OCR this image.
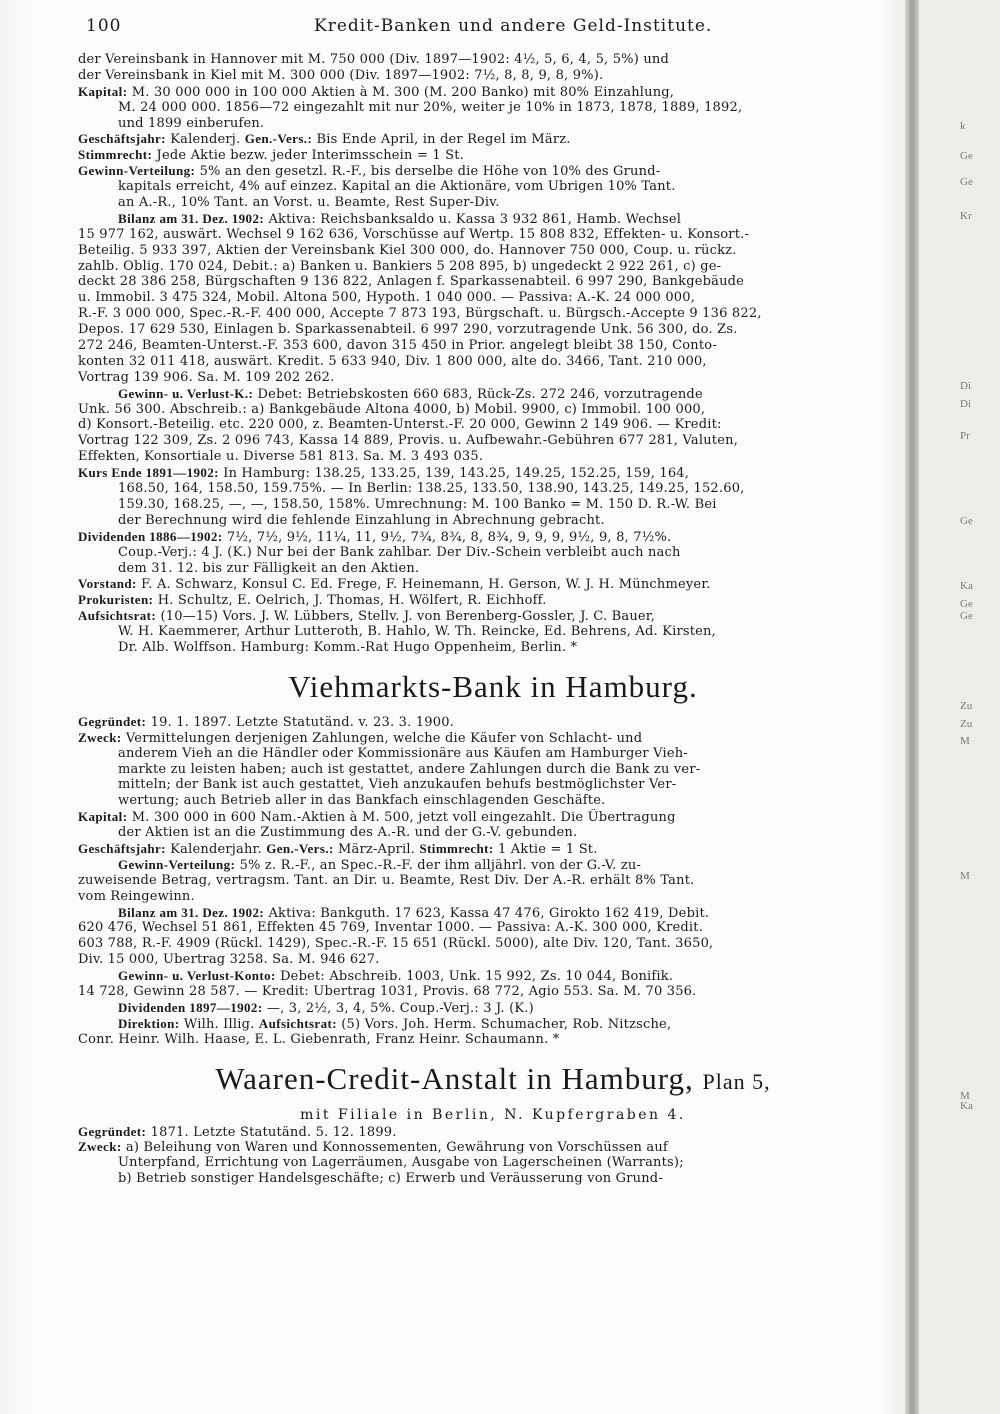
k
Ge
Ge
Kr
Di
Di
Pr
Ge
Ka
Ge
Ge
Zu
Zu
M
M
M
Ka
100	Kredit-Banken und andere Geld-Institute.
der Vereinsbank in Hannover mit M. 750 000 (Div. 1897—1902: 4½, 5, 6, 4, 5, 5%) und
der Vereinsbank in Kiel mit M. 300 000 (Div. 1897—1902: 7½, 8, 8, 9, 8, 9%).
Kapital: M. 30 000 000 in 100 000 Aktien à M. 300 (M. 200 Banko) mit 80% Einzahlung,
M. 24 000 000. 1856—72 eingezahlt mit nur 20%, weiter je 10% in 1873, 1878, 1889, 1892,
und 1899 einberufen.
Geschäftsjahr: Kalenderj. Gen.-Vers.: Bis Ende April, in der Regel im März.
Stimmrecht: Jede Aktie bezw. jeder Interimsschein = 1 St.
Gewinn-Verteilung: 5% an den gesetzl. R.-F., bis derselbe die Höhe von 10% des Grund-
kapitals erreicht, 4% auf einzez. Kapital an die Aktionäre, vom Übrigen 10% Tant.
an A.-R., 10% Tant. an Vorst. u. Beamte, Rest Super-Div.
Bilanz am 31. Dez. 1902: Aktiva: Reichsbanksaldo u. Kassa 3 932 861, Hamb. Wechsel
15 977 162, auswärt. Wechsel 9 162 636, Vorschüsse auf Wertp. 15 808 832, Effekten- u. Konsort.-
Beteilig. 5 933 397, Aktien der Vereinsbank Kiel 300 000, do. Hannover 750 000, Coup. u. rückz.
zahlb. Oblig. 170 024, Debit.: a) Banken u. Bankiers 5 208 895, b) ungedeckt 2 922 261, c) ge-
deckt 28 386 258, Bürgschaften 9 136 822, Anlagen f. Sparkassenabteil. 6 997 290, Bankgebäude
u. Immobil. 3 475 324, Mobil. Altona 500, Hypoth. 1 040 000. — Passiva: A.-K. 24 000 000,
R.-F. 3 000 000, Spec.-R.-F. 400 000, Accepte 7 873 193, Bürgschaft. u. Bürgsch.-Accepte 9 136 822,
Depos. 17 629 530, Einlagen b. Sparkassenabteil. 6 997 290, vorzutragende Unk. 56 300, do. Zs.
272 246, Beamten-Unterst.-F. 353 600, davon 315 450 in Prior. angelegt bleibt 38 150, Conto-
konten 32 011 418, auswärt. Kredit. 5 633 940, Div. 1 800 000, alte do. 3466, Tant. 210 000,
Vortrag 139 906. Sa. M. 109 202 262.
Gewinn- u. Verlust-K.: Debet: Betriebskosten 660 683, Rück-Zs. 272 246, vorzutragende
Unk. 56 300. Abschreib.: a) Bankgebäude Altona 4000, b) Mobil. 9900, c) Immobil. 100 000,
d) Konsort.-Beteilig. etc. 220 000, z. Beamten-Unterst.-F. 20 000, Gewinn 2 149 906. — Kredit:
Vortrag 122 309, Zs. 2 096 743, Kassa 14 889, Provis. u. Aufbewahr.-Gebühren 677 281, Valuten,
Effekten, Konsortiale u. Diverse 581 813. Sa. M. 3 493 035.
Kurs Ende 1891—1902: In Hamburg: 138.25, 133.25, 139, 143.25, 149.25, 152.25, 159, 164,
168.50, 164, 158.50, 159.75%. — In Berlin: 138.25, 133.50, 138.90, 143.25, 149.25, 152.60,
159.30, 168.25, —, —, 158.50, 158%. Umrechnung: M. 100 Banko = M. 150 D. R.-W. Bei
der Berechnung wird die fehlende Einzahlung in Abrechnung gebracht.
Dividenden 1886—1902: 7½, 7½, 9½, 11¼, 11, 9½, 7¾, 8¾, 8, 8¾, 9, 9, 9, 9½, 9, 8, 7½%.
Coup.-Verj.: 4 J. (K.) Nur bei der Bank zahlbar. Der Div.-Schein verbleibt auch nach
dem 31. 12. bis zur Fälligkeit an den Aktien.
Vorstand: F. A. Schwarz, Konsul C. Ed. Frege, F. Heinemann, H. Gerson, W. J. H. Münchmeyer.
Prokuristen: H. Schultz, E. Oelrich, J. Thomas, H. Wölfert, R. Eichhoff.
Aufsichtsrat: (10—15) Vors. J. W. Lübbers, Stellv. J. von Berenberg-Gossler, J. C. Bauer,
W. H. Kaemmerer, Arthur Lutteroth, B. Hahlo, W. Th. Reincke, Ed. Behrens, Ad. Kirsten,
Dr. Alb. Wolffson. Hamburg: Komm.-Rat Hugo Oppenheim, Berlin. *
Viehmarkts-Bank in Hamburg.
Gegründet: 19. 1. 1897. Letzte Statutänd. v. 23. 3. 1900.
Zweck: Vermittelungen derjenigen Zahlungen, welche die Käufer von Schlacht- und
anderem Vieh an die Händler oder Kommissionäre aus Käufen am Hamburger Vieh-
markte zu leisten haben; auch ist gestattet, andere Zahlungen durch die Bank zu ver-
mitteln; der Bank ist auch gestattet, Vieh anzukaufen behufs bestmöglichster Ver-
wertung; auch Betrieb aller in das Bankfach einschlagenden Geschäfte.
Kapital: M. 300 000 in 600 Nam.-Aktien à M. 500, jetzt voll eingezahlt. Die Übertragung
der Aktien ist an die Zustimmung des A.-R. und der G.-V. gebunden.
Geschäftsjahr: Kalenderjahr. Gen.-Vers.: März-April. Stimmrecht: 1 Aktie = 1 St.
Gewinn-Verteilung: 5% z. R.-F., an Spec.-R.-F. der ihm alljährl. von der G.-V. zu-
zuweisende Betrag, vertragsm. Tant. an Dir. u. Beamte, Rest Div. Der A.-R. erhält 8% Tant.
vom Reingewinn.
Bilanz am 31. Dez. 1902: Aktiva: Bankguth. 17 623, Kassa 47 476, Girokto 162 419, Debit.
620 476, Wechsel 51 861, Effekten 45 769, Inventar 1000. — Passiva: A.-K. 300 000, Kredit.
603 788, R.-F. 4909 (Rückl. 1429), Spec.-R.-F. 15 651 (Rückl. 5000), alte Div. 120, Tant. 3650,
Div. 15 000, Übertrag 3258. Sa. M. 946 627.
Gewinn- u. Verlust-Konto: Debet: Abschreib. 1003, Unk. 15 992, Zs. 10 044, Bonifik.
14 728, Gewinn 28 587. — Kredit: Übertrag 1031, Provis. 68 772, Agio 553. Sa. M. 70 356.
Dividenden 1897—1902: —, 3, 2½, 3, 4, 5%. Coup.-Verj.: 3 J. (K.)
Direktion: Wilh. Illig. Aufsichtsrat: (5) Vors. Joh. Herm. Schumacher, Rob. Nitzsche,
Conr. Heinr. Wilh. Haase, E. L. Giebenrath, Franz Heinr. Schaumann. *
Waaren-Credit-Anstalt in Hamburg, Plan 5,
mit Filiale in Berlin, N. Kupfergraben 4.
Gegründet: 1871. Letzte Statutänd. 5. 12. 1899.
Zweck: a) Beleihung von Waren und Konnossementen, Gewährung von Vorschüssen auf
Unterpfand, Errichtung von Lagerräumen, Ausgabe von Lagerscheinen (Warrants);
b) Betrieb sonstiger Handelsgeschäfte; c) Erwerb und Veräusserung von Grund-
